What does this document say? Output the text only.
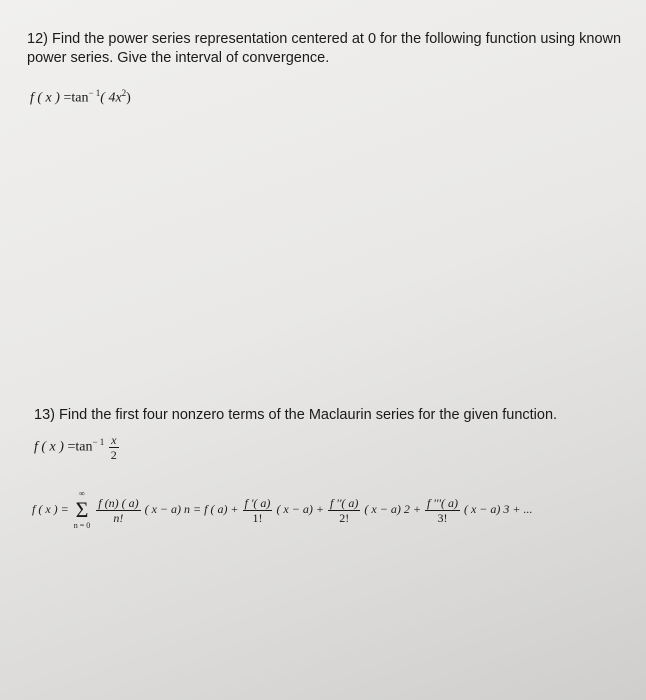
12) Find the power series representation centered at 0 for the following function using known power series. Give the interval of convergence.
f ( x ) $=\tan^{- 1}$( $4x^2$)
13) Find the first four nonzero terms of the Maclaurin series for the given function.
f ( x ) $=\tan^{- 1} \frac{x}{2}$
f ( x ) =
∞
Σ
n = 0

$\frac{f (n) ( a)}{n!}$ ( x − a) n = f ( $a) + \frac{f '( a)}{1!}$ ( $x - a) + \frac{f ''( a)}{2!}$ ( x − a) $2 + \frac{f '''( a)}{3!}$ ( x − a) 3 + ...
